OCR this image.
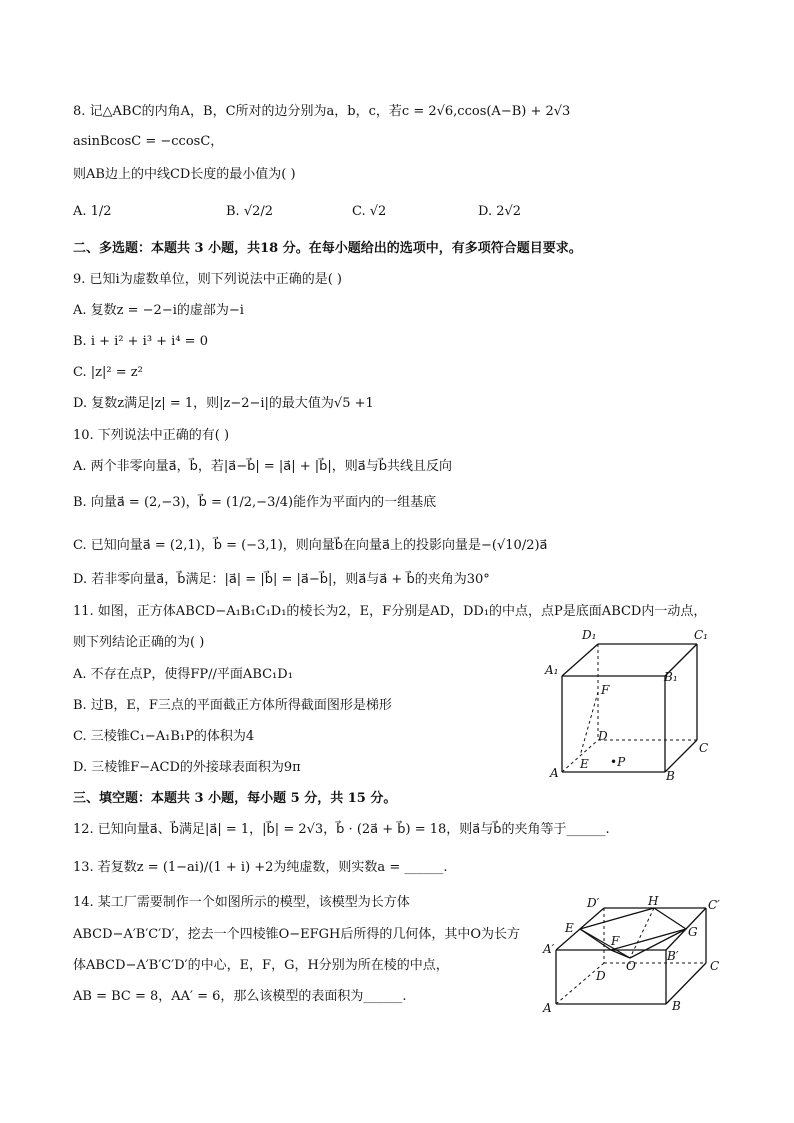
8. 记△ABC的内角A，B，C所对的边分别为a，b，c，若c = 2√6,ccos(A−B) + 2√3
asinBcosC = −ccosC，
则AB边上的中线CD长度的最小值为( )
A. 1/2	B. √2/2	C. √2	D. 2√2
二、多选题：本题共 3 小题，共18 分。在每小题给出的选项中，有多项符合题目要求。
9. 已知i为虚数单位，则下列说法中正确的是( )
A. 复数z = −2−i的虚部为−i
B. i + i² + i³ + i⁴ = 0
C. |z|² = z²
D. 复数z满足|z| = 1，则|z−2−i|的最大值为√5 +1
10. 下列说法中正确的有( )
A. 两个非零向量a⃗，b⃗，若|a⃗−b⃗| = |a⃗| + |b⃗|，则a⃗与b⃗共线且反向
B. 向量a⃗ = (2,−3)，b⃗ = (1/2,−3/4)能作为平面内的一组基底
C. 已知向量a⃗ = (2,1)，b⃗ = (−3,1)，则向量b⃗在向量a⃗上的投影向量是−(√10/2)a⃗
D. 若非零向量a⃗，b⃗满足：|a⃗| = |b⃗| = |a⃗−b⃗|，则a⃗与a⃗ + b⃗的夹角为30°
11. 如图，正方体ABCD−A₁B₁C₁D₁的棱长为2，E，F分别是AD，DD₁的中点，点P是底面ABCD内一动点，
则下列结论正确的为( )
A. 不存在点P，使得FP//平面ABC₁D₁
B. 过B，E，F三点的平面截正方体所得截面图形是梯形
C. 三棱锥C₁−A₁B₁P的体积为4
D. 三棱锥F−ACD的外接球表面积为9π
D₁	C₁
A₁	B₁
F
D
C
E •P
A	B
三、填空题：本题共 3 小题，每小题 5 分，共 15 分。
12. 已知向量a⃗、b⃗满足|a⃗| = 1，|b⃗| = 2√3，b⃗ · (2a⃗ + b⃗) = 18，则a⃗与b⃗的夹角等于______.
13. 若复数z = (1−ai)/(1 + i) +2为纯虚数，则实数a = ______.
14. 某工厂需要制作一个如图所示的模型，该模型为长方体
ABCD−A′B′C′D′，挖去一个四棱锥O−EFGH后所得的几何体，其中O为长方
体ABCD−A′B′C′D′的中心，E，F，G，H分别为所在棱的中点，
AB = BC = 8，AA′ = 6，那么该模型的表面积为______.
D′	H	C′
E	G
F
A′	B′
O	C
D
A	B
